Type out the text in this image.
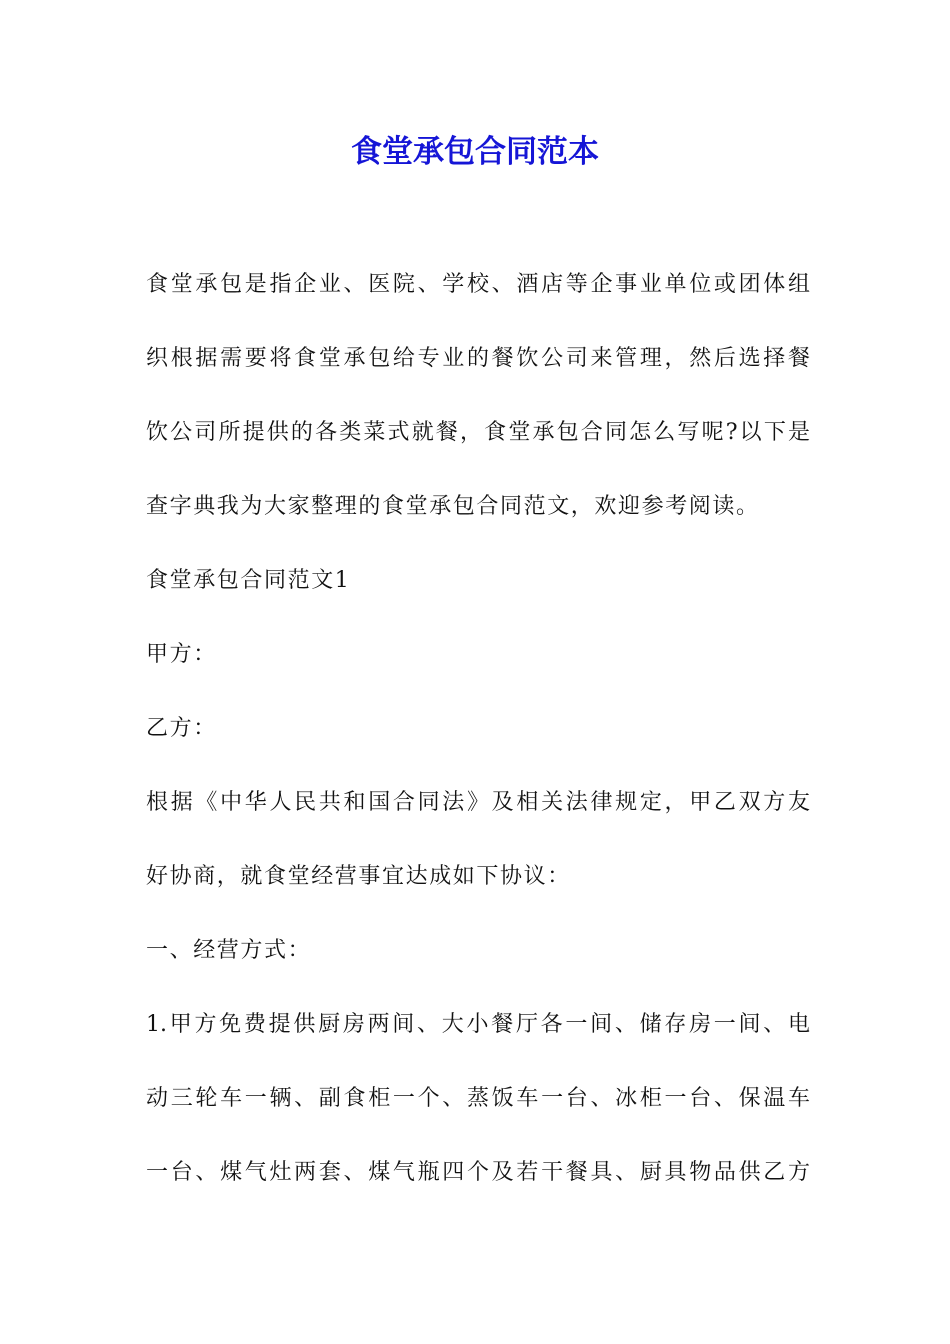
食堂承包合同范本
食堂承包是指企业、医院、学校、酒店等企事业单位或团体组
织根据需要将食堂承包给专业的餐饮公司来管理，然后选择餐
饮公司所提供的各类菜式就餐，食堂承包合同怎么写呢?以下是
查字典我为大家整理的食堂承包合同范文，欢迎参考阅读。
食堂承包合同范文1
甲方：
乙方：
根据《中华人民共和国合同法》及相关法律规定，甲乙双方友
好协商，就食堂经营事宜达成如下协议：
一、经营方式：
1.甲方免费提供厨房两间、大小餐厅各一间、储存房一间、电
动三轮车一辆、副食柜一个、蒸饭车一台、冰柜一台、保温车
一台、煤气灶两套、煤气瓶四个及若干餐具、厨具物品供乙方
